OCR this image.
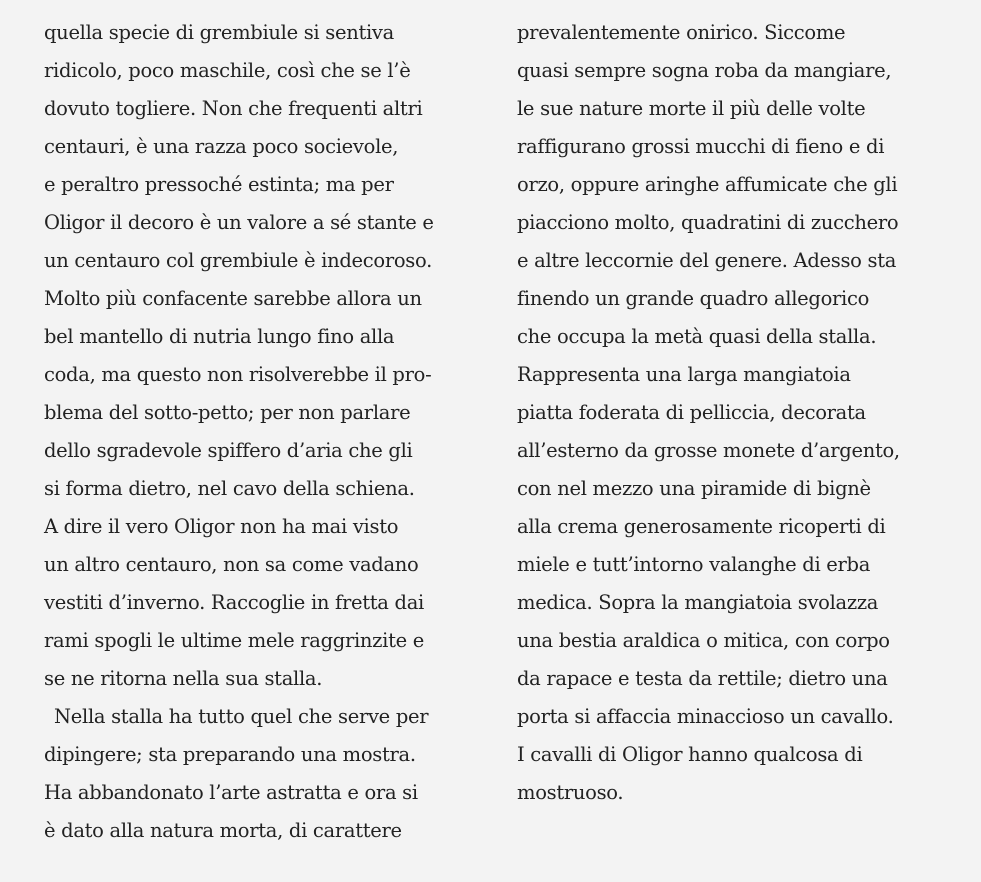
quella specie di grembiule si sentiva
ridicolo, poco maschile, così che se l’è
dovuto togliere. Non che frequenti altri
centauri, è una razza poco socievole,
e peraltro pressoché estinta; ma per
Oligor il decoro è un valore a sé stante e
un centauro col grembiule è indecoroso.
Molto più confacente sarebbe allora un
bel mantello di nutria lungo fino alla
coda, ma questo non risolverebbe il pro-
blema del sotto-petto; per non parlare
dello sgradevole spiffero d’aria che gli
si forma dietro, nel cavo della schiena.
A dire il vero Oligor non ha mai visto
un altro centauro, non sa come vadano
vestiti d’inverno. Raccoglie in fretta dai
rami spogli le ultime mele raggrinzite e
se ne ritorna nella sua stalla.
Nella stalla ha tutto quel che serve per
dipingere; sta preparando una mostra.
Ha abbandonato l’arte astratta e ora si
è dato alla natura morta, di carattere
prevalentemente onirico. Siccome
quasi sempre sogna roba da mangiare,
le sue nature morte il più delle volte
raffigurano grossi mucchi di fieno e di
orzo, oppure aringhe affumicate che gli
piacciono molto, quadratini di zucchero
e altre leccornie del genere. Adesso sta
finendo un grande quadro allegorico
che occupa la metà quasi della stalla.
Rappresenta una larga mangiatoia
piatta foderata di pelliccia, decorata
all’esterno da grosse monete d’argento,
con nel mezzo una piramide di bignè
alla crema generosamente ricoperti di
miele e tutt’intorno valanghe di erba
medica. Sopra la mangiatoia svolazza
una bestia araldica o mitica, con corpo
da rapace e testa da rettile; dietro una
porta si affaccia minaccioso un cavallo.
I cavalli di Oligor hanno qualcosa di
mostruoso.
